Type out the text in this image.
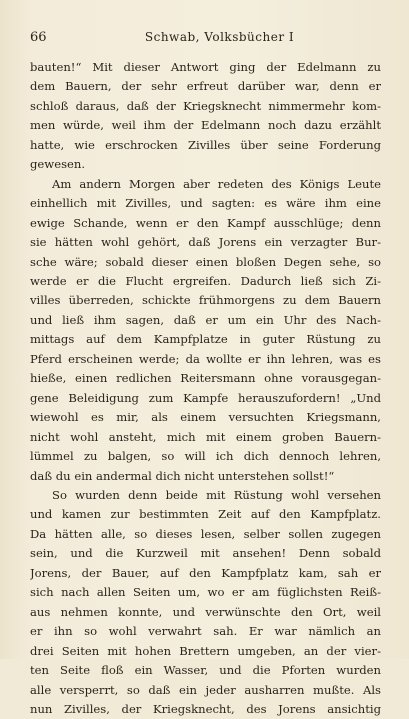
66	Schwab, Volksbücher I
bauten!“ Mit dieser Antwort ging der Edelmann zu
dem Bauern, der sehr erfreut darüber war, denn er
schloß daraus, daß der Kriegsknecht nimmermehr kom-
men würde, weil ihm der Edelmann noch dazu erzählt
hatte, wie erschrocken Zivilles über seine Forderung
gewesen.
Am andern Morgen aber redeten des Königs Leute
einhellich mit Zivilles, und sagten: es wäre ihm eine
ewige Schande, wenn er den Kampf ausschlüge; denn
sie hätten wohl gehört, daß Jorens ein verzagter Bur-
sche wäre; sobald dieser einen bloßen Degen sehe, so
werde er die Flucht ergreifen. Dadurch ließ sich Zi-
villes überreden, schickte frühmorgens zu dem Bauern
und ließ ihm sagen, daß er um ein Uhr des Nach-
mittags auf dem Kampfplatze in guter Rüstung zu
Pferd erscheinen werde; da wollte er ihn lehren, was es
hieße, einen redlichen Reitersmann ohne vorausgegan-
gene Beleidigung zum Kampfe herauszufordern! „Und
wiewohl es mir, als einem versuchten Kriegsmann,
nicht wohl ansteht, mich mit einem groben Bauern-
lümmel zu balgen, so will ich dich dennoch lehren,
daß du ein andermal dich nicht unterstehen sollst!“
So wurden denn beide mit Rüstung wohl versehen
und kamen zur bestimmten Zeit auf den Kampfplatz.
Da hätten alle, so dieses lesen, selber sollen zugegen
sein, und die Kurzweil mit ansehen! Denn sobald
Jorens, der Bauer, auf den Kampfplatz kam, sah er
sich nach allen Seiten um, wo er am füglichsten Reiß-
aus nehmen konnte, und verwünschte den Ort, weil
er ihn so wohl verwahrt sah. Er war nämlich an
drei Seiten mit hohen Brettern umgeben, an der vier-
ten Seite floß ein Wasser, und die Pforten wurden
alle versperrt, so daß ein jeder ausharren mußte. Als
nun Zivilles, der Kriegsknecht, des Jorens ansichtig
